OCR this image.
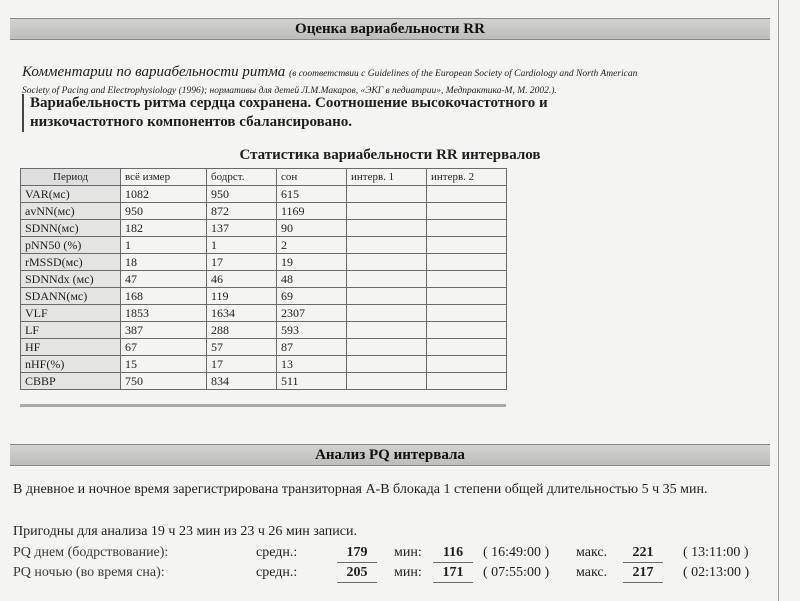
Оценка вариабельности RR
Комментарии по вариабельности ритма (в соответствии с Guidelines of the European Society of Cardiology and North American
Society of Pacing and Electrophysiology (1996); нормативы для детей Л.М.Макаров, «ЭКГ в педиатрии», Медпрактика-М, М. 2002.).
Вариабельность ритма сердца сохранена. Соотношение высокочастотного и
низкочастотного компонентов сбалансировано.
Статистика вариабельности RR интервалов
Период	всё измер	бодрст.	сон	интерв. 1	интерв. 2
VAR(мс)	1082	950	615		
avNN(мс)	950	872	1169		
SDNN(мс)	182	137	90		
pNN50 (%)	1	1	2		
rMSSD(мс)	18	17	19		
SDNNdx (мс)	47	46	48		
SDANN(мс)	168	119	69		
VLF	1853	1634	2307		
LF	387	288	593		
HF	67	57	87		
nHF(%)	15	17	13		
СВВР	750	834	511		
Анализ PQ интервала
В дневное и ночное время зарегистрирована транзиторная А-В блокада 1 степени общей длительностью 5 ч 35 мин.
Пригодны для анализа 19 ч 23 мин из 23 ч 26 мин записи.
PQ днем (бодрствование):	средн.:	179	мин:	116	( 16:49:00 ) макс.	221	( 13:11:00 )
PQ ночью (во время сна):	средн.:	205	мин:	171	( 07:55:00 ) макс.	217	( 02:13:00 )
